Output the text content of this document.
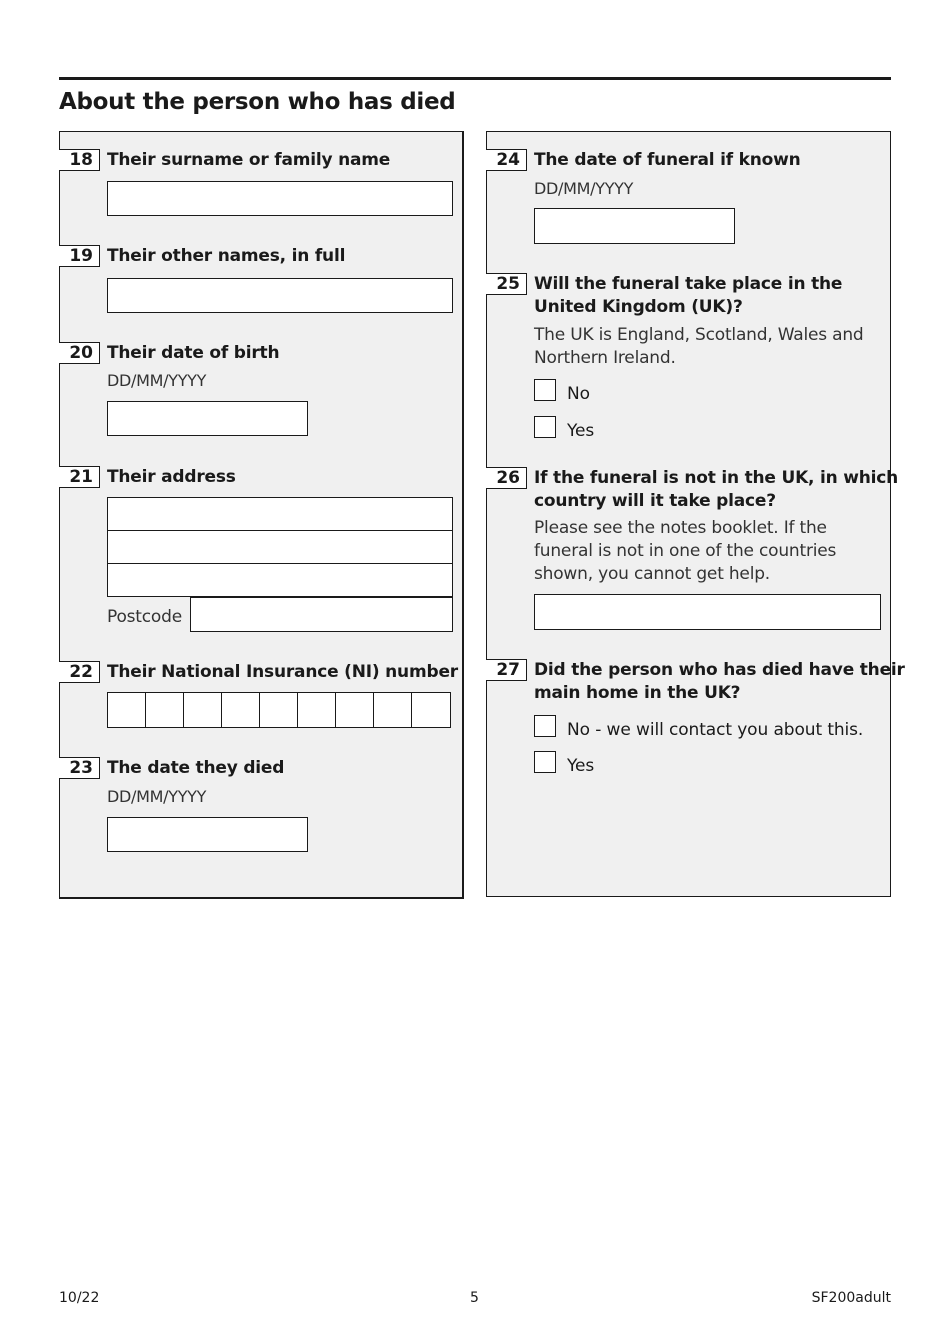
About the person who has died
18 Their surname or family name
19 Their other names, in full
20 Their date of birth
DD/MM/YYYY
21 Their address
Postcode
22 Their National Insurance (NI) number
23 The date they died
DD/MM/YYYY
24 The date of funeral if known
DD/MM/YYYY
25 Will the funeral take place in the
United Kingdom (UK)?
The UK is England, Scotland, Wales and
Northern Ireland.
No
Yes
26 If the funeral is not in the UK, in which
country will it take place?
Please see the notes booklet. If the
funeral is not in one of the countries
shown, you cannot get help.
27 Did the person who has died have their
main home in the UK?
No - we will contact you about this.
Yes
10/22	5	SF200adult
